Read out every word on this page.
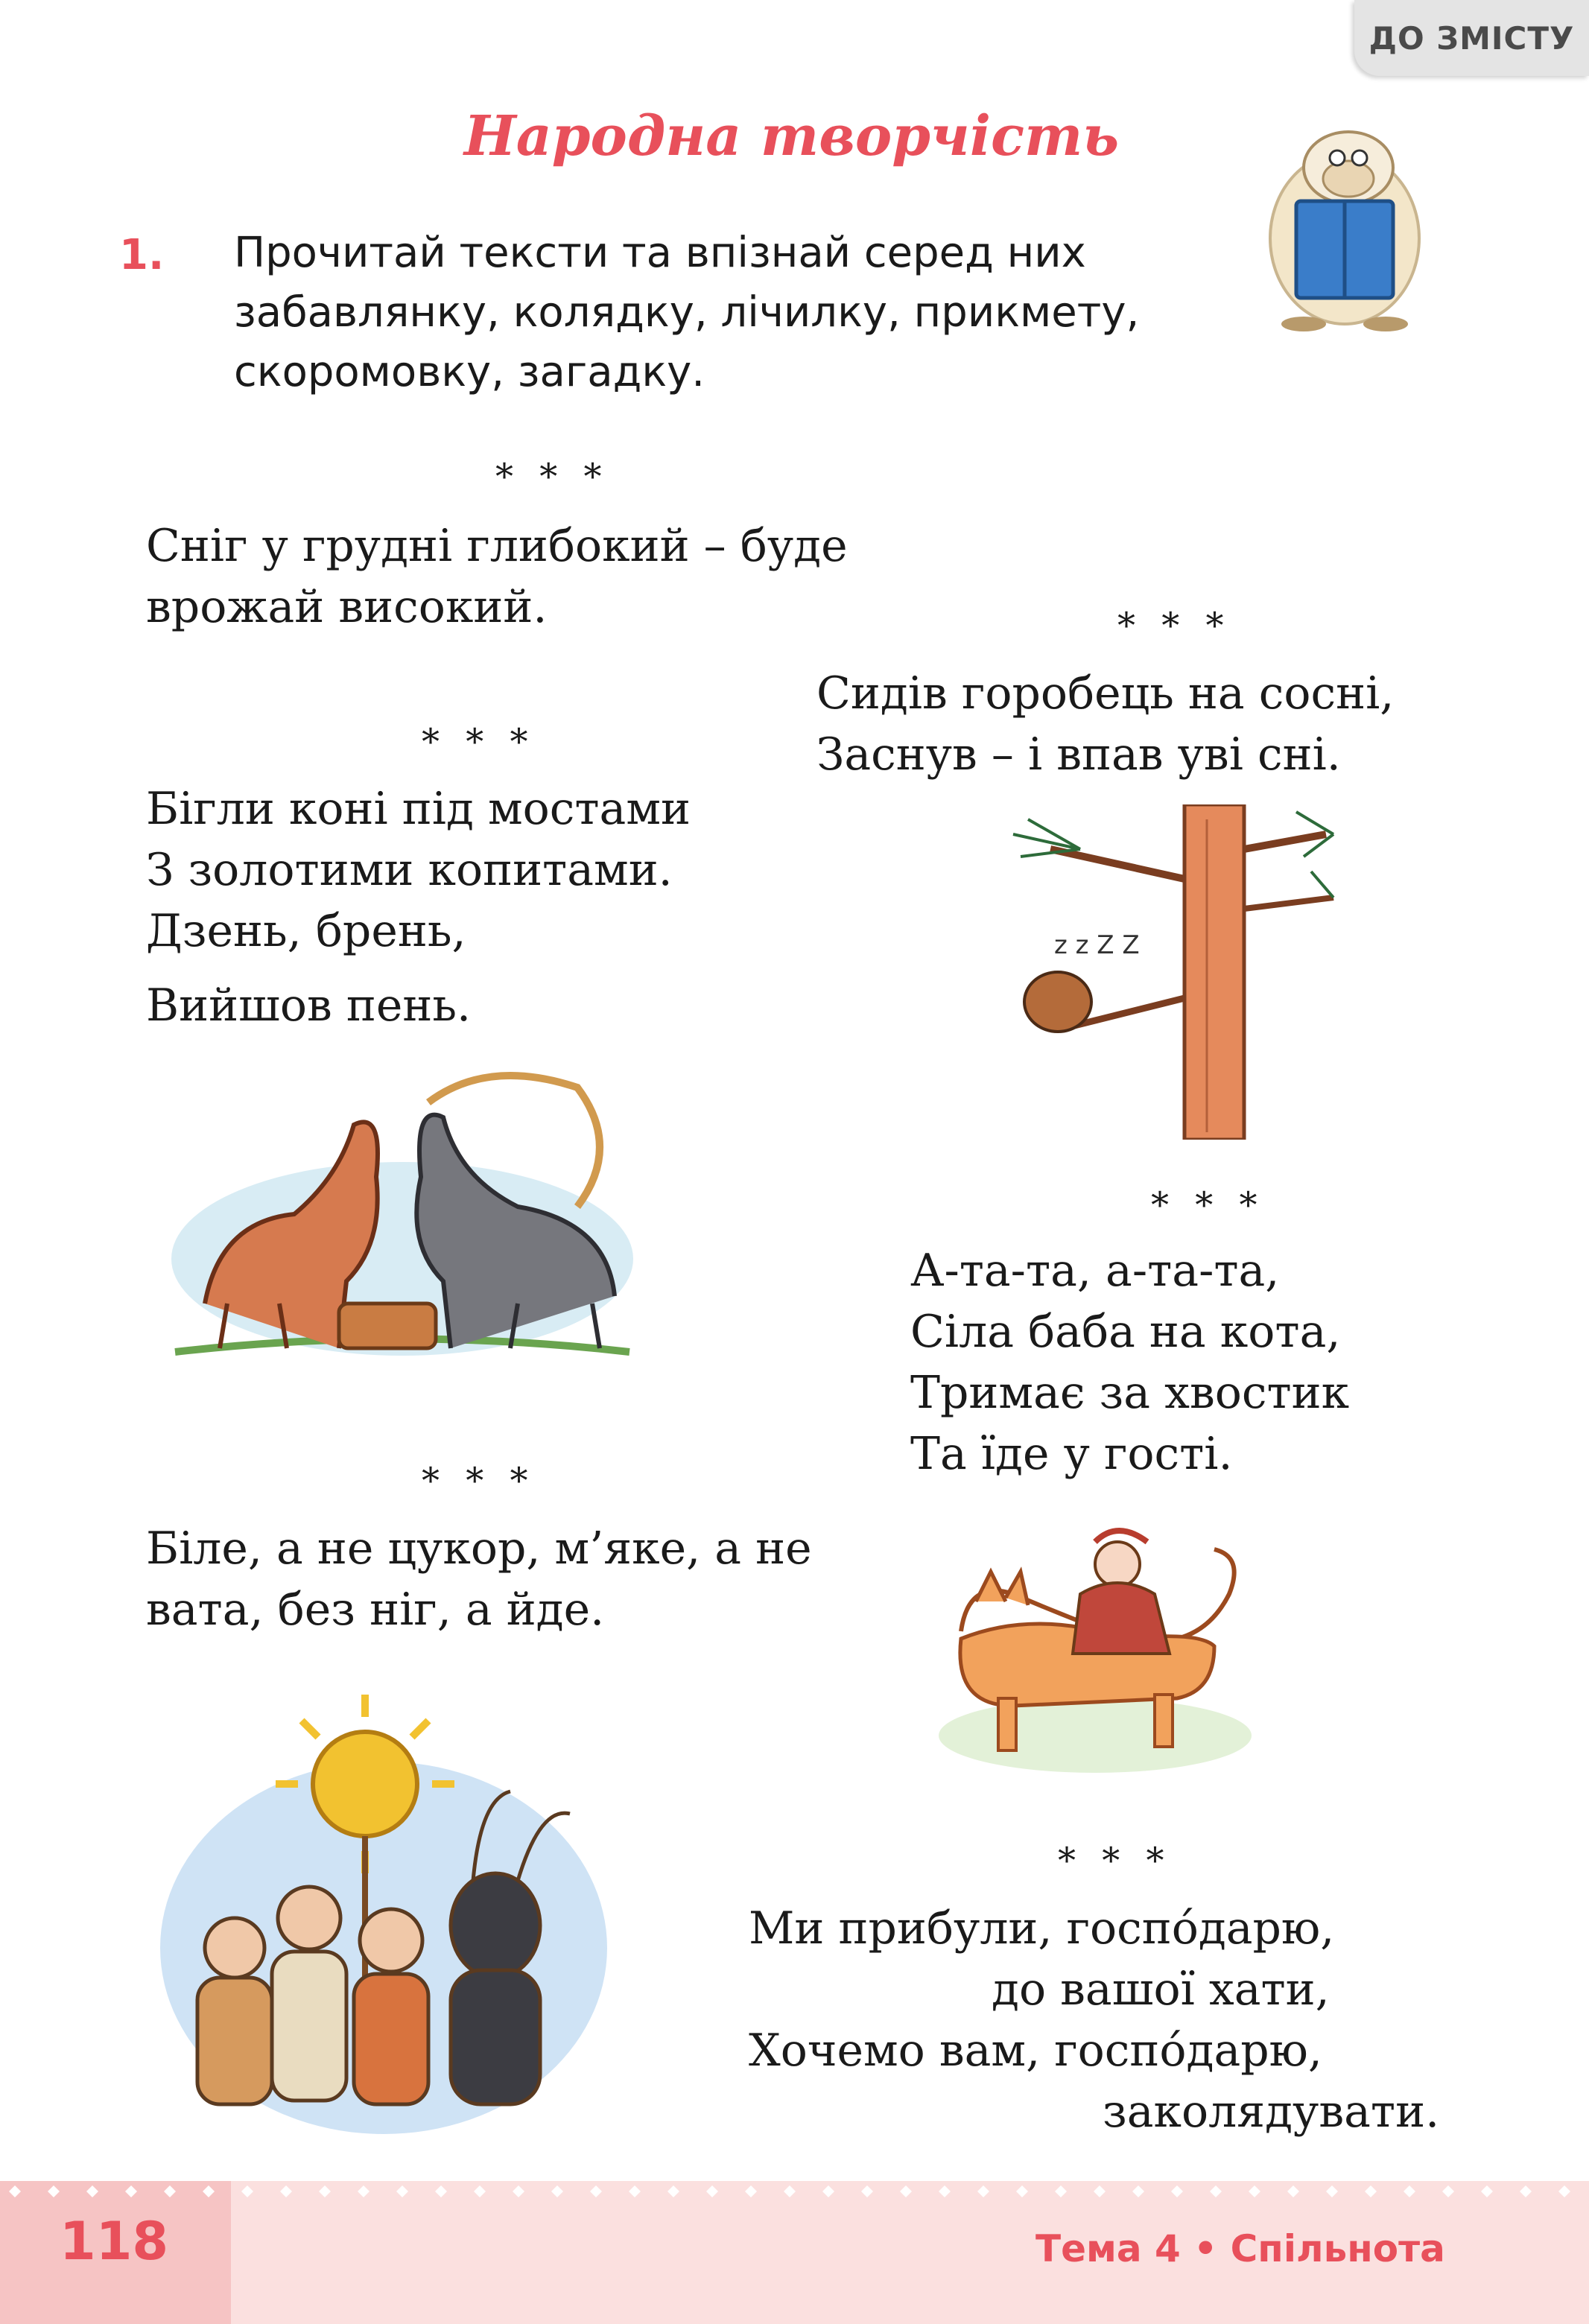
ДО ЗМІСТУ
Народна творчість
1. Прочитай тексти та впізнай серед них
забавлянку, колядку, лічилку, прикмету,
скоромовку, загадку.
* * *
Сніг у грудні глибокий – буде
врожай високий.	* * *
Сидів горобець на сосні,
Заснув – і впав уві сні.
* * *
Бігли коні під мостами
З золотими копитами.
Дзень, брень,
Вийшов пень.
z z Z Z
* * *
А-та-та, а-та-та,
Сіла баба на кота,
Тримає за хвостик
Та їде у гості.
* * *
Біле, а не цукор, м’яке, а не
вата, без ніг, а йде.
* * *
Ми прибули, госпóдарю,
до вашої хати,
Хочемо вам, госпóдарю,
заколядувати.
118	Тема 4 • Спільнота
